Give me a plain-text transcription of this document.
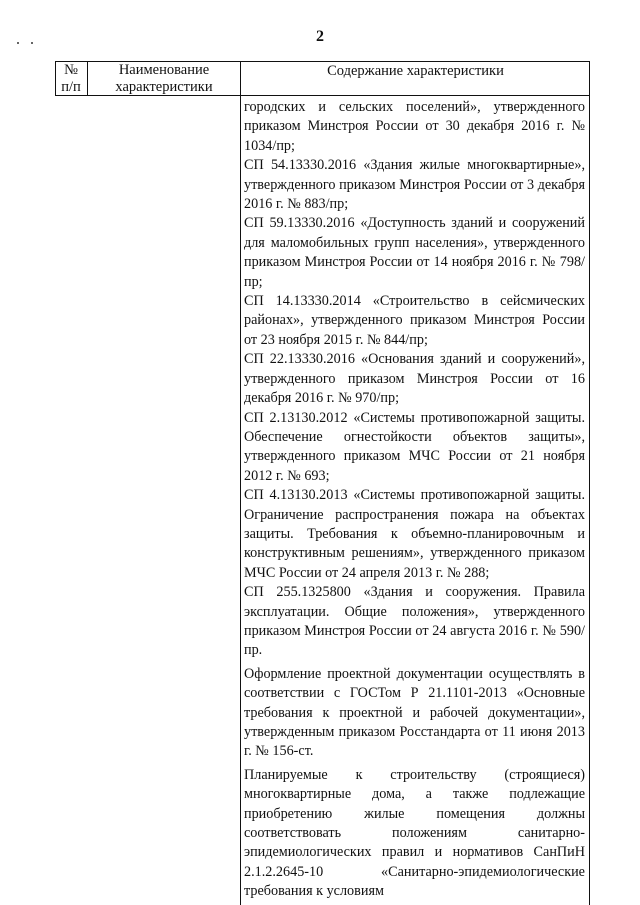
2
№
п/п
Наименование
характеристики
Содержание характеристики

городских и сельских поселений», утвержденного приказом Минстроя России от 30 декабря 2016 г. № 1034/пр;

СП 54.13330.2016 «Здания жилые многоквартирные», утвержденного приказом Минстроя России от 3 декабря 2016 г. № 883/пр;

СП 59.13330.2016 «Доступность зданий и сооружений для маломобильных групп населения», утвержденного приказом Минстроя России от 14 ноября 2016 г. № 798/пр;

СП 14.13330.2014 «Строительство в сейсмических районах», утвержденного приказом Минстроя России от 23 ноября 2015 г. № 844/пр;

СП 22.13330.2016 «Основания зданий и сооружений», утвержденного приказом Минстроя России от 16 декабря 2016 г. № 970/пр;

СП 2.13130.2012 «Системы противопожарной защиты. Обеспечение огнестойкости объектов защиты», утвержденного приказом МЧС России от 21 ноября 2012 г. № 693;

СП 4.13130.2013 «Системы противопожарной защиты. Ограничение распространения пожара на объектах защиты. Требования к объемно-планировочным и конструктивным решениям», утвержденного приказом МЧС России от 24 апреля 2013 г. № 288;

СП 255.1325800 «Здания и сооружения. Правила эксплуатации. Общие положения», утвержденного приказом Минстроя России от 24 августа 2016 г. № 590/пр.

Оформление проектной документации осуществлять в соответствии с ГОСТом Р 21.1101-2013 «Основные требования к проектной и рабочей документации», утвержденным приказом Росстандарта от 11 июня 2013 г. № 156-ст.

Планируемые к строительству (строящиеся) многоквартирные дома, а также подлежащие приобретению жилые помещения должны соответствовать положениям санитарно-эпидемиологических правил и нормативов СанПиН 2.1.2.2645-10 «Санитарно-эпидемиологические требования к условиям
